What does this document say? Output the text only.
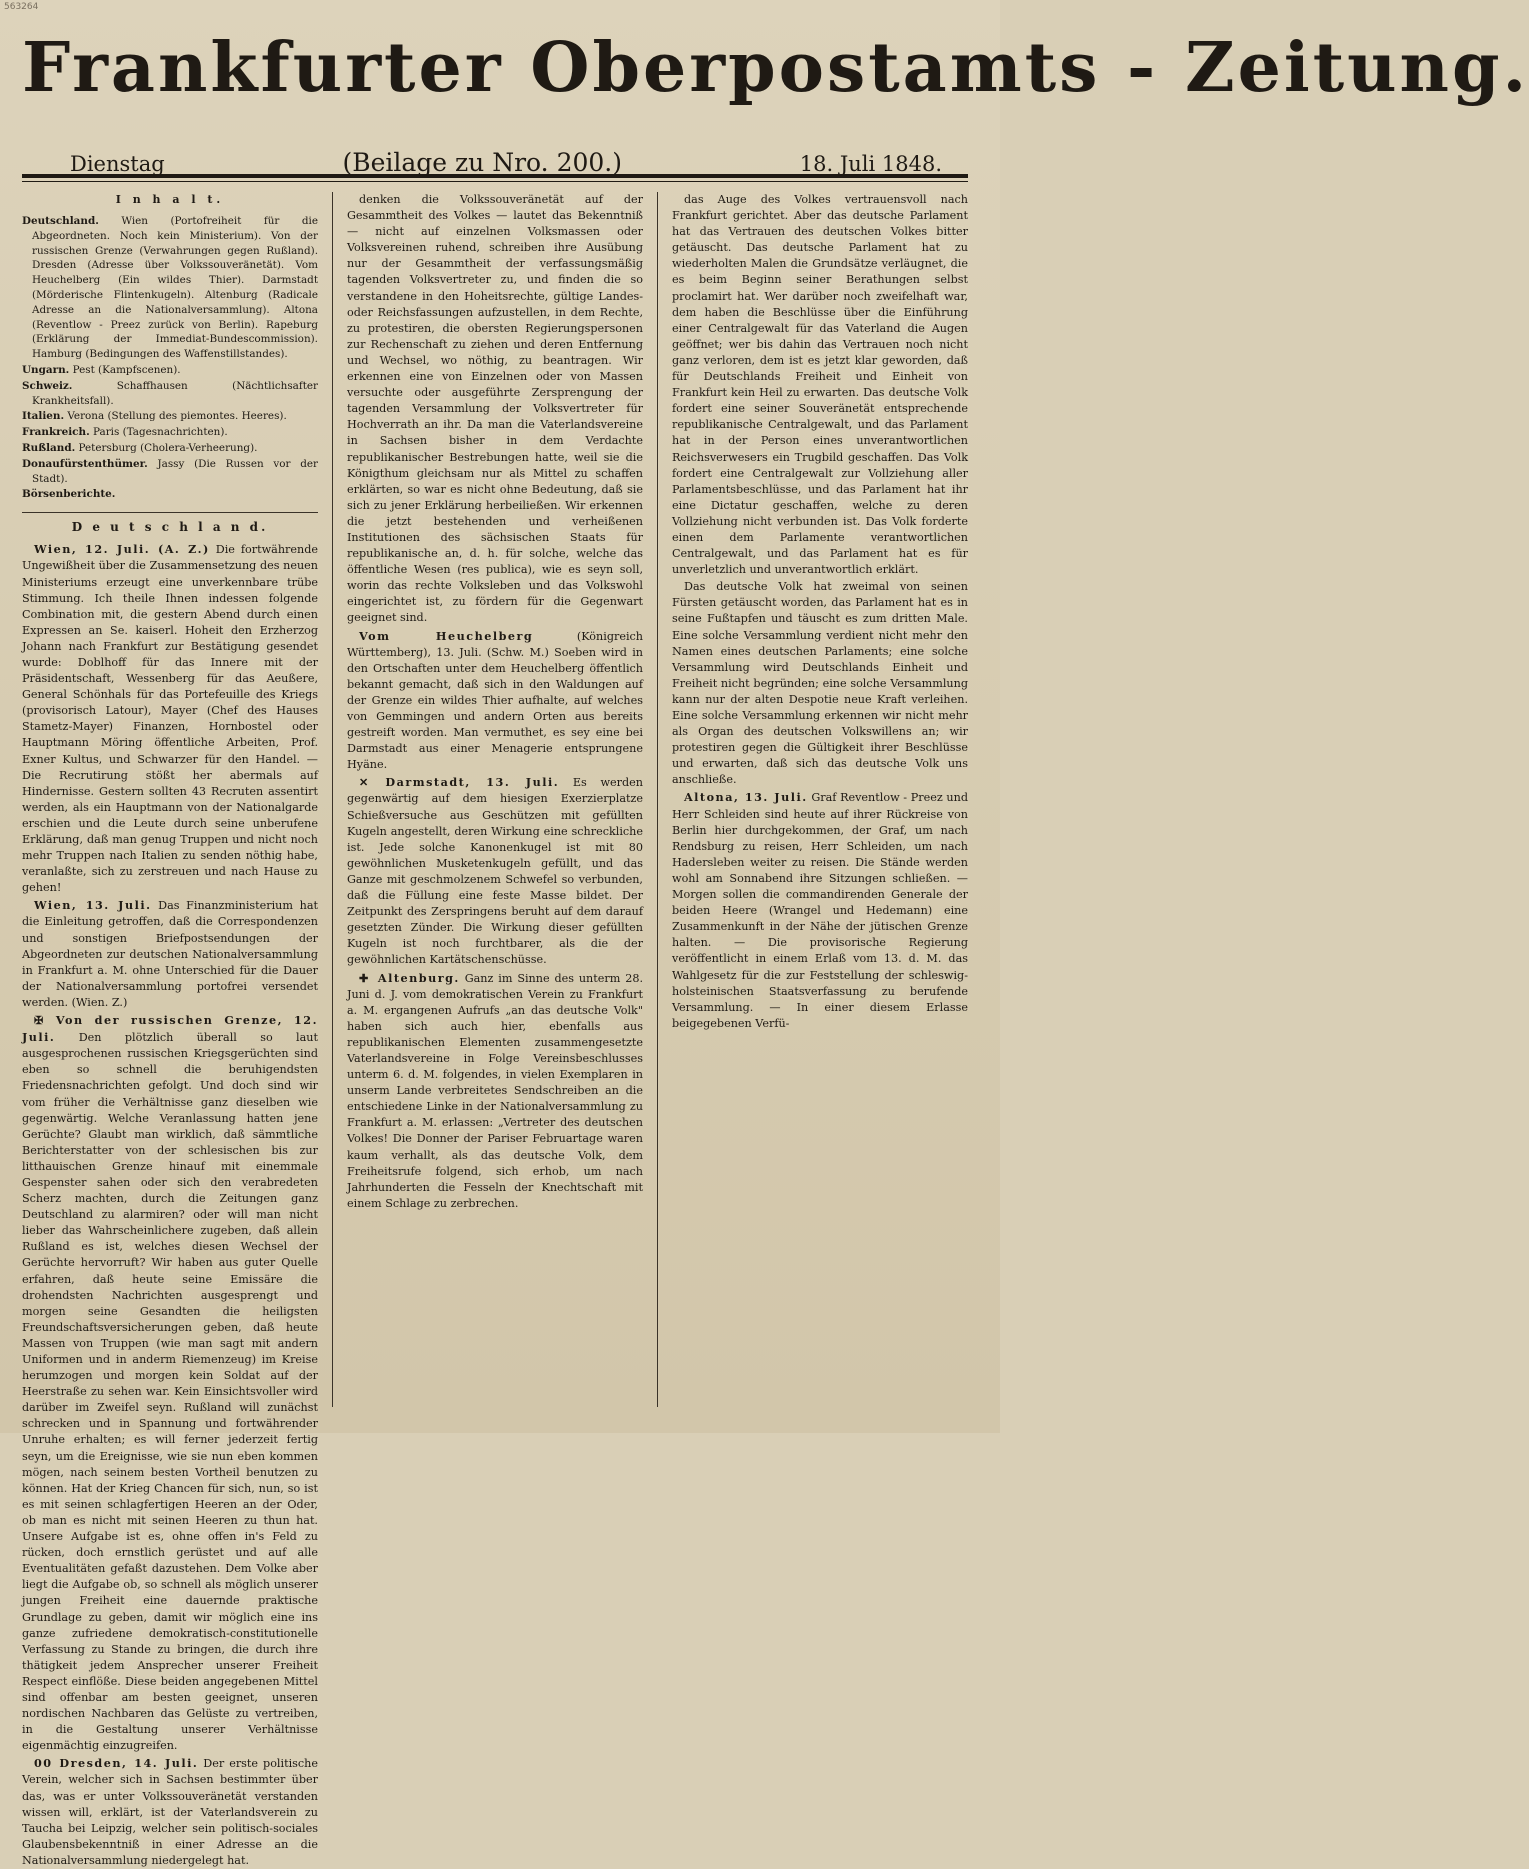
563264
Frankfurter Oberpostamts - Zeitung.
Dienstag	(Beilage zu Nro. 200.)	18. Juli 1848.
I n h a l t.

Deutschland. Wien (Portofreiheit für die Abgeordneten. Noch kein Ministerium). Von der russischen Grenze (Verwahrungen gegen Rußland). Dresden (Adresse über Volkssouveränetät). Vom Heuchelberg (Ein wildes Thier). Darmstadt (Mörderische Flintenkugeln). Altenburg (Radicale Adresse an die Nationalversammlung). Altona (Reventlow - Preez zurück von Berlin). Rapeburg (Erklärung der Immediat-Bundescommission). Hamburg (Bedingungen des Waffenstillstandes).

Ungarn. Pest (Kampfscenen).

Schweiz. Schaffhausen (Nächtlichsafter Krankheitsfall).

Italien. Verona (Stellung des piemontes. Heeres).

Frankreich. Paris (Tagesnachrichten).

Rußland. Petersburg (Cholera-Verheerung).

Donaufürstenthümer. Jassy (Die Russen vor der Stadt).

Börsenberichte.

D e u t s c h l a n d.

Wien, 12. Juli. (A. Z.) Die fortwährende Ungewißheit über die Zusammensetzung des neuen Ministeriums erzeugt eine unverkennbare trübe Stimmung. Ich theile Ihnen indessen folgende Combination mit, die gestern Abend durch einen Expressen an Se. kaiserl. Hoheit den Erzherzog Johann nach Frankfurt zur Bestätigung gesendet wurde: Doblhoff für das Innere mit der Präsidentschaft, Wessenberg für das Aeußere, General Schönhals für das Portefeuille des Kriegs (provisorisch Latour), Mayer (Chef des Hauses Stametz-Mayer) Finanzen, Hornbostel oder Hauptmann Möring öffentliche Arbeiten, Prof. Exner Kultus, und Schwarzer für den Handel. — Die Recrutirung stößt her abermals auf Hindernisse. Gestern sollten 43 Recruten assentirt werden, als ein Hauptmann von der Nationalgarde erschien und die Leute durch seine unberufene Erklärung, daß man genug Truppen und nicht noch mehr Truppen nach Italien zu senden nöthig habe, veranlaßte, sich zu zerstreuen und nach Hause zu gehen!

Wien, 13. Juli. Das Finanzministerium hat die Einleitung getroffen, daß die Correspondenzen und sonstigen Briefpostsendungen der Abgeordneten zur deutschen Nationalversammlung in Frankfurt a. M. ohne Unterschied für die Dauer der Nationalversammlung portofrei versendet werden. (Wien. Z.)

✠ Von der russischen Grenze, 12. Juli. Den plötzlich überall so laut ausgesprochenen russischen Kriegsgerüchten sind eben so schnell die beruhigendsten Friedensnachrichten gefolgt. Und doch sind wir vom früher die Verhältnisse ganz dieselben wie gegenwärtig. Welche Veranlassung hatten jene Gerüchte? Glaubt man wirklich, daß sämmtliche Berichterstatter von der schlesischen bis zur litthauischen Grenze hinauf mit einemmale Gespenster sahen oder sich den verabredeten Scherz machten, durch die Zeitungen ganz Deutschland zu alarmiren? oder will man nicht lieber das Wahrscheinlichere zugeben, daß allein Rußland es ist, welches diesen Wechsel der Gerüchte hervorruft? Wir haben aus guter Quelle erfahren, daß heute seine Emissäre die drohendsten Nachrichten ausgesprengt und morgen seine Gesandten die heiligsten Freundschaftsversicherungen geben, daß heute Massen von Truppen (wie man sagt mit andern Uniformen und in anderm Riemenzeug) im Kreise herumzogen und morgen kein Soldat auf der Heerstraße zu sehen war. Kein Einsichtsvoller wird darüber im Zweifel seyn. Rußland will zunächst schrecken und in Spannung und fortwährender Unruhe erhalten; es will ferner jederzeit fertig seyn, um die Ereignisse, wie sie nun eben kommen mögen, nach seinem besten Vortheil benutzen zu können. Hat der Krieg Chancen für sich, nun, so ist es mit seinen schlagfertigen Heeren an der Oder, ob man es nicht mit seinen Heeren zu thun hat. Unsere Aufgabe ist es, ohne offen in's Feld zu rücken, doch ernstlich gerüstet und auf alle Eventualitäten gefaßt dazustehen. Dem Volke aber liegt die Aufgabe ob, so schnell als möglich unserer jungen Freiheit eine dauernde praktische Grundlage zu geben, damit wir möglich eine ins ganze zufriedene demokratisch-constitutionelle Verfassung zu Stande zu bringen, die durch ihre thätigkeit jedem Ansprecher unserer Freiheit Respect einflöße. Diese beiden angegebenen Mittel sind offenbar am besten geeignet, unseren nordischen Nachbaren das Gelüste zu vertreiben, in die Gestaltung unserer Verhältnisse eigenmächtig einzugreifen.

00 Dresden, 14. Juli. Der erste politische Verein, welcher sich in Sachsen bestimmter über das, was er unter Volkssouveränetät verstanden wissen will, erklärt, ist der Vaterlandsverein zu Taucha bei Leipzig, welcher sein politisch-sociales Glaubensbekenntniß in einer Adresse an die Nationalversammlung niedergelegt hat.

denken die Volkssouveränetät auf der Gesammtheit des Volkes — lautet das Bekenntniß — nicht auf einzelnen Volksmassen oder Volksvereinen ruhend, schreiben ihre Ausübung nur der Gesammtheit der verfassungsmäßig tagenden Volksvertreter zu, und finden die so verstandene in den Hoheitsrechte, gültige Landes- oder Reichsfassungen aufzustellen, in dem Rechte, zu protestiren, die obersten Regierungspersonen zur Rechenschaft zu ziehen und deren Entfernung und Wechsel, wo nöthig, zu beantragen. Wir erkennen eine von Einzelnen oder von Massen versuchte oder ausgeführte Zersprengung der tagenden Versammlung der Volksvertreter für Hochverrath an ihr. Da man die Vaterlandsvereine in Sachsen bisher in dem Verdachte republikanischer Bestrebungen hatte, weil sie die Königthum gleichsam nur als Mittel zu schaffen erklärten, so war es nicht ohne Bedeutung, daß sie sich zu jener Erklärung herbeiließen. Wir erkennen die jetzt bestehenden und verheißenen Institutionen des sächsischen Staats für republikanische an, d. h. für solche, welche das öffentliche Wesen (res publica), wie es seyn soll, worin das rechte Volksleben und das Volkswohl eingerichtet ist, zu fördern für die Gegenwart geeignet sind.

Vom Heuchelberg	(Königreich Württemberg), 13. Juli. (Schw. M.) Soeben wird in den Ortschaften unter dem Heuchelberg öffentlich bekannt gemacht, daß sich in den Waldungen auf der Grenze ein wildes Thier aufhalte, auf welches von Gemmingen und andern Orten aus bereits gestreift worden. Man vermuthet, es sey eine bei Darmstadt aus einer Menagerie entsprungene Hyäne.

✕ Darmstadt, 13. Juli. Es werden gegenwärtig auf dem hiesigen Exerzierplatze Schießversuche aus Geschützen mit gefüllten Kugeln angestellt, deren Wirkung eine schreckliche ist. Jede solche Kanonenkugel ist mit 80 gewöhnlichen Musketenkugeln gefüllt, und das Ganze mit geschmolzenem Schwefel so verbunden, daß die Füllung eine feste Masse bildet. Der Zeitpunkt des Zerspringens beruht auf dem darauf gesetzten Zünder. Die Wirkung dieser gefüllten Kugeln ist noch furchtbarer, als die der gewöhnlichen Kartätschenschüsse.

✚ Altenburg. Ganz im Sinne des unterm 28. Juni d. J. vom demokratischen Verein zu Frankfurt a. M. ergangenen Aufrufs „an das deutsche Volk" haben sich auch hier, ebenfalls aus republikanischen Elementen zusammengesetzte Vaterlandsvereine in Folge Vereinsbeschlusses unterm 6. d. M. folgendes, in vielen Exemplaren in unserm Lande verbreitetes Sendschreiben an die entschiedene Linke in der Nationalversammlung zu Frankfurt a. M. erlassen: „Vertreter des deutschen Volkes! Die Donner der Pariser Februartage waren kaum verhallt, als das deutsche Volk, dem Freiheitsrufe folgend, sich erhob, um nach Jahrhunderten die Fesseln der Knechtschaft mit einem Schlage zu zerbrechen.

das Auge des Volkes vertrauensvoll nach Frankfurt gerichtet. Aber das deutsche Parlament hat das Vertrauen des deutschen Volkes bitter getäuscht. Das deutsche Parlament hat zu wiederholten Malen die Grundsätze verläugnet, die es beim Beginn seiner Berathungen selbst proclamirt hat. Wer darüber noch zweifelhaft war, dem haben die Beschlüsse über die Einführung einer Centralgewalt für das Vaterland die Augen geöffnet; wer bis dahin das Vertrauen noch nicht ganz verloren, dem ist es jetzt klar geworden, daß für Deutschlands Freiheit und Einheit von Frankfurt kein Heil zu erwarten. Das deutsche Volk fordert eine seiner Souveränetät entsprechende republikanische Centralgewalt, und das Parlament hat in der Person eines unverantwortlichen Reichsverwesers ein Trugbild geschaffen. Das Volk fordert eine Centralgewalt zur Vollziehung aller Parlamentsbeschlüsse, und das Parlament hat ihr eine Dictatur geschaffen, welche zu deren Vollziehung nicht verbunden ist. Das Volk forderte einen dem Parlamente verantwortlichen Centralgewalt, und das Parlament hat es für unverletzlich und unverantwortlich erklärt.

Das deutsche Volk hat zweimal von seinen Fürsten getäuscht worden, das Parlament hat es in seine Fußtapfen und täuscht es zum dritten Male. Eine solche Versammlung verdient nicht mehr den Namen eines deutschen Parlaments; eine solche Versammlung wird Deutschlands Einheit und Freiheit nicht begründen; eine solche Versammlung kann nur der alten Despotie neue Kraft verleihen. Eine solche Versammlung erkennen wir nicht mehr als Organ des deutschen Volkswillens an; wir protestiren gegen die Gültigkeit ihrer Beschlüsse und erwarten, daß sich das deutsche Volk uns anschließe.

Altona, 13. Juli. Graf Reventlow - Preez und Herr Schleiden sind heute auf ihrer Rückreise von Berlin hier durchgekommen, der Graf, um nach Rendsburg zu reisen, Herr Schleiden, um nach Hadersleben weiter zu reisen. Die Stände werden wohl am Sonnabend ihre Sitzungen schließen. — Morgen sollen die commandirenden Generale der beiden Heere (Wrangel und Hedemann) eine Zusammenkunft in der Nähe der jütischen Grenze halten. — Die provisorische Regierung veröffentlicht in einem Erlaß vom 13. d. M. das Wahlgesetz für die zur Feststellung der schleswig-holsteinischen Staatsverfassung zu berufende Versammlung. — In einer diesem Erlasse beigegebenen Verfü-
